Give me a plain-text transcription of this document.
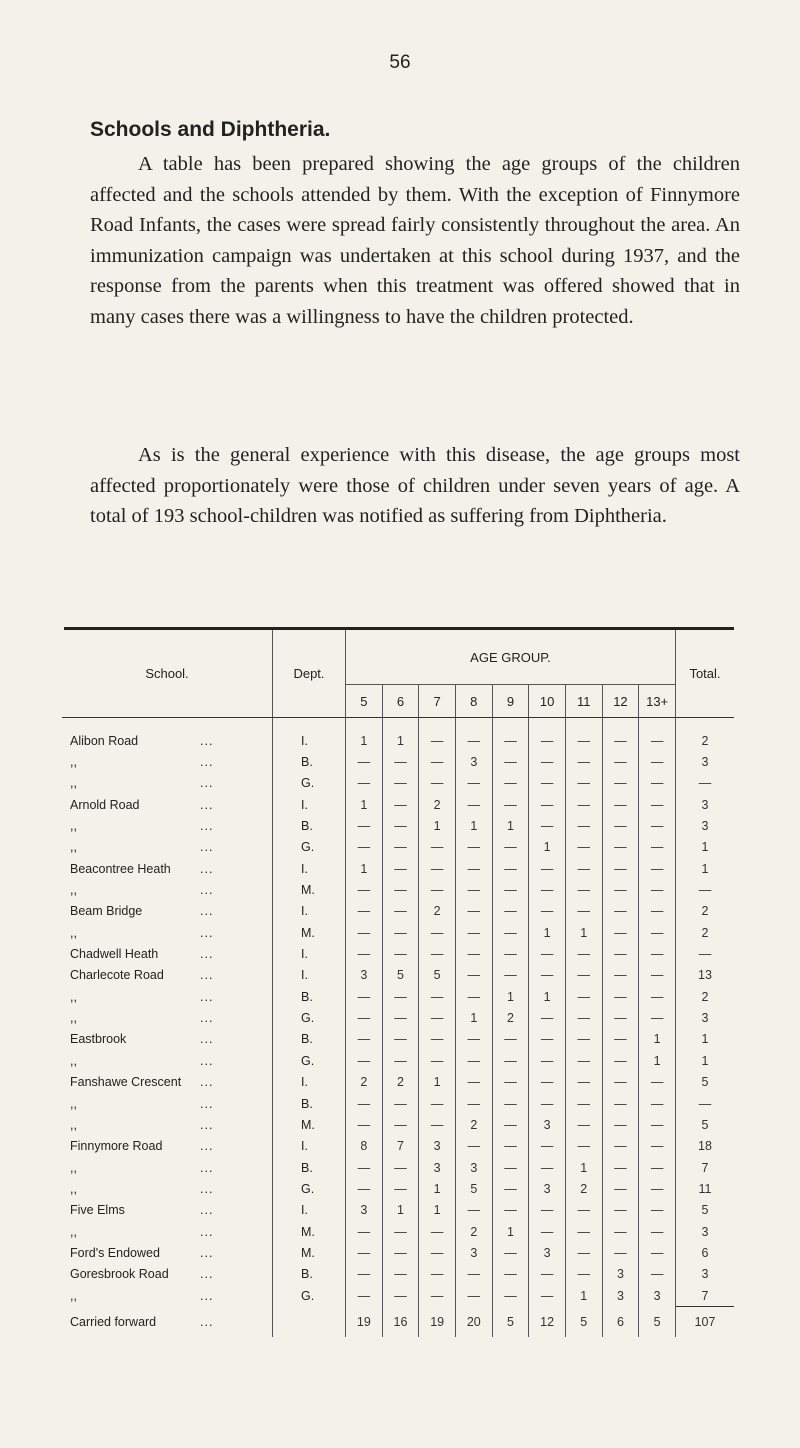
56
Schools and Diphtheria.
A table has been prepared showing the age groups of the children affected and the schools attended by them. With the exception of Finnymore Road Infants, the cases were spread fairly consistently throughout the area. An immunization campaign was undertaken at this school during 1937, and the response from the parents when this treatment was offered showed that in many cases there was a willingness to have the children protected.
As is the general experience with this disease, the age groups most affected proportionately were those of children under seven years of age. A total of 193 school-children was notified as suffering from Diphtheria.
School.	Dept.	AGE GROUP.									Total.
		5	6	7	8	9	10	11	12	13+	

Alibon Road ...	I.	1	1	—	—	—	—	—	—	—	2
,, ...	B.	—	—	—	3	—	—	—	—	—	3
,, ...	G.	—	—	—	—	—	—	—	—	—	—
Arnold Road ...	I.	1	—	2	—	—	—	—	—	—	3
,, ...	B.	—	—	1	1	1	—	—	—	—	3
,, ...	G.	—	—	—	—	—	1	—	—	—	1
Beacontree Heath ...	I.	1	—	—	—	—	—	—	—	—	1
,, ...	M.	—	—	—	—	—	—	—	—	—	—
Beam Bridge ...	I.	—	—	2	—	—	—	—	—	—	2
,, ...	M.	—	—	—	—	—	1	1	—	—	2
Chadwell Heath ...	I.	—	—	—	—	—	—	—	—	—	—
Charlecote Road ...	I.	3	5	5	—	—	—	—	—	—	13
,, ...	B.	—	—	—	—	1	1	—	—	—	2
,, ...	G.	—	—	—	1	2	—	—	—	—	3
Eastbrook ...	B.	—	—	—	—	—	—	—	—	1	1
,, ...	G.	—	—	—	—	—	—	—	—	1	1
Fanshawe Crescent ...	I.	2	2	1	—	—	—	—	—	—	5
,, ...	B.	—	—	—	—	—	—	—	—	—	—
,, ...	M.	—	—	—	2	—	3	—	—	—	5
Finnymore Road ...	I.	8	7	3	—	—	—	—	—	—	18
,, ...	B.	—	—	3	3	—	—	1	—	—	7
,, ...	G.	—	—	1	5	—	3	2	—	—	11
Five Elms ...	I.	3	1	1	—	—	—	—	—	—	5
,, ...	M.	—	—	—	2	1	—	—	—	—	3
Ford's Endowed ...	M.	—	—	—	3	—	3	—	—	—	6
Goresbrook Road ...	B.	—	—	—	—	—	—	—	3	—	3
,, ...	G.	—	—	—	—	—	—	1	3	3	7
Carried forward ...		19	16	19	20	5	12	5	6	5	107
